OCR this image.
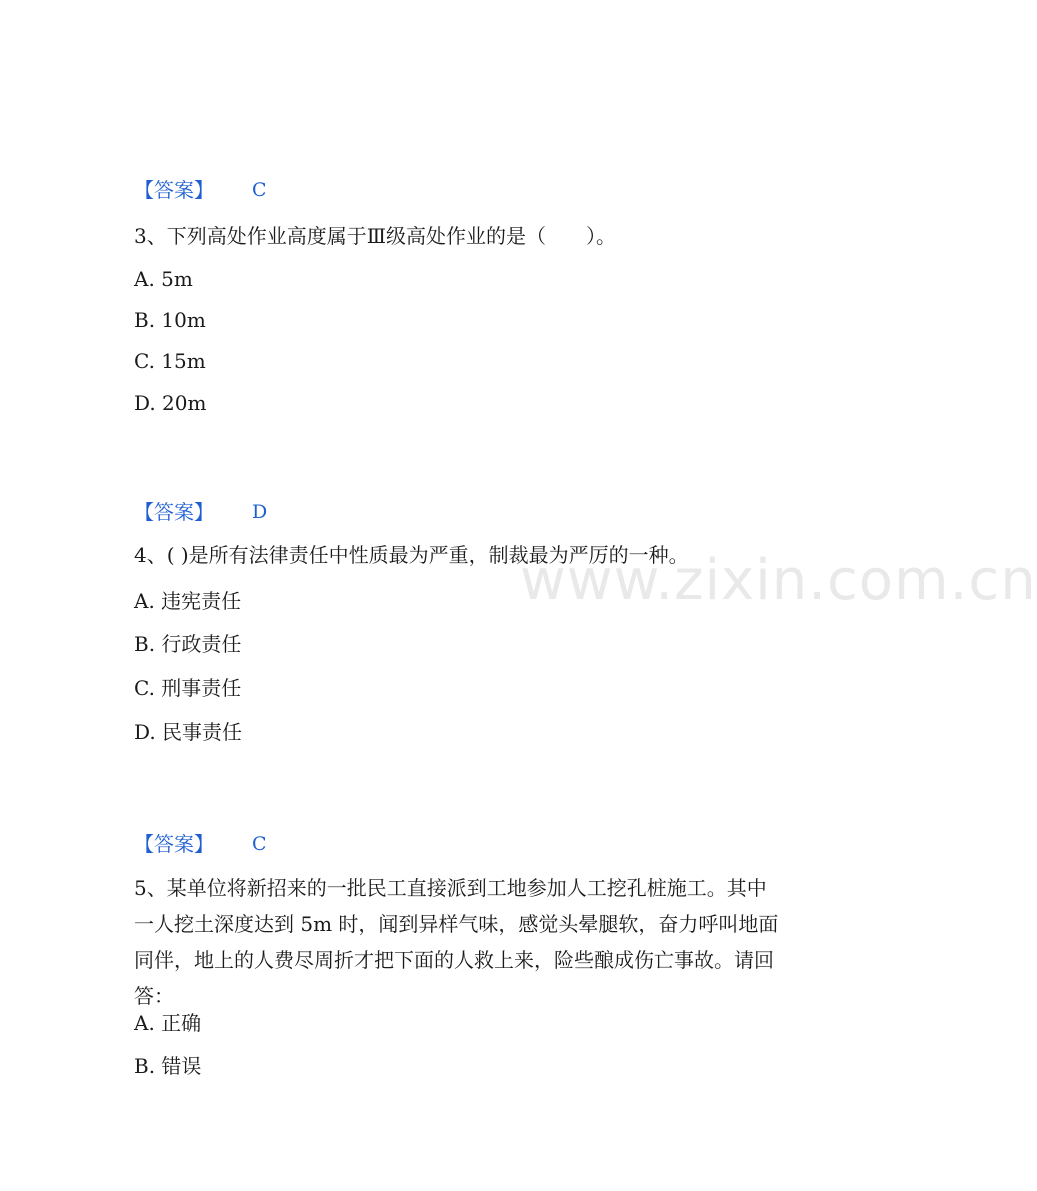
【答案】 C
3、下列高处作业高度属于Ⅲ级高处作业的是（　　）。
A. 5m
B. 10m
C. 15m
D. 20m
【答案】 D
4、( )是所有法律责任中性质最为严重，制裁最为严厉的一种。
A. 违宪责任
B. 行政责任
C. 刑事责任
D. 民事责任
【答案】 C
5、某单位将新招来的一批民工直接派到工地参加人工挖孔桩施工。其中一人挖土深度达到 5m 时，闻到异样气味，感觉头晕腿软，奋力呼叫地面同伴，地上的人费尽周折才把下面的人救上来，险些酿成伤亡事故。请回答：
A. 正确
B. 错误
www.zixin.com.cn
